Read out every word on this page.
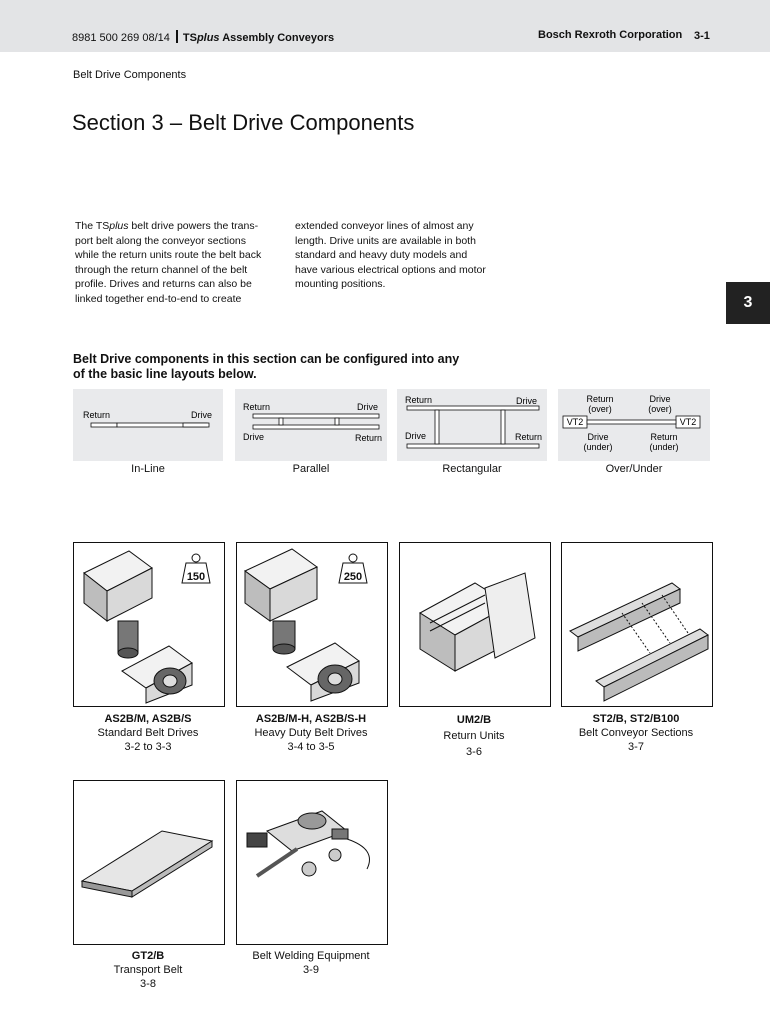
8981 500 269 08/14 TSplus Assembly Conveyors	Bosch Rexroth Corporation 3-1
Belt Drive Components
Section 3 – Belt Drive Components

The TSplus belt drive powers the trans-
port belt along the conveyor sections
while the return units route the belt back
through the return channel of the belt
profile. Drives and returns can also be
linked together end-to-end to create

extended conveyor lines of almost any
length. Drive units are available in both
standard and heavy duty models and
have various electrical options and motor
mounting positions.

3

Belt Drive components in this section can be configured into any
of the basic line layouts below.

Return	Drive
Return	Drive
Drive	Return
Return	Drive
Drive	Return
Return
(over)
Drive
(over)
VT2	VT2
Drive
(under)
Return
(under)
In-Line	Parallel	Rectangular	Over/Under
150	250
AS2B/M, AS2B/S
Standard Belt Drives
3-2 to 3-3
AS2B/M-H, AS2B/S-H
Heavy Duty Belt Drives
3-4 to 3-5
UM2/B
Return Units
3-6
ST2/B, ST2/B100
Belt Conveyor Sections
3-7
GT2/B
Transport Belt
3-8
Belt Welding Equipment
3-9
